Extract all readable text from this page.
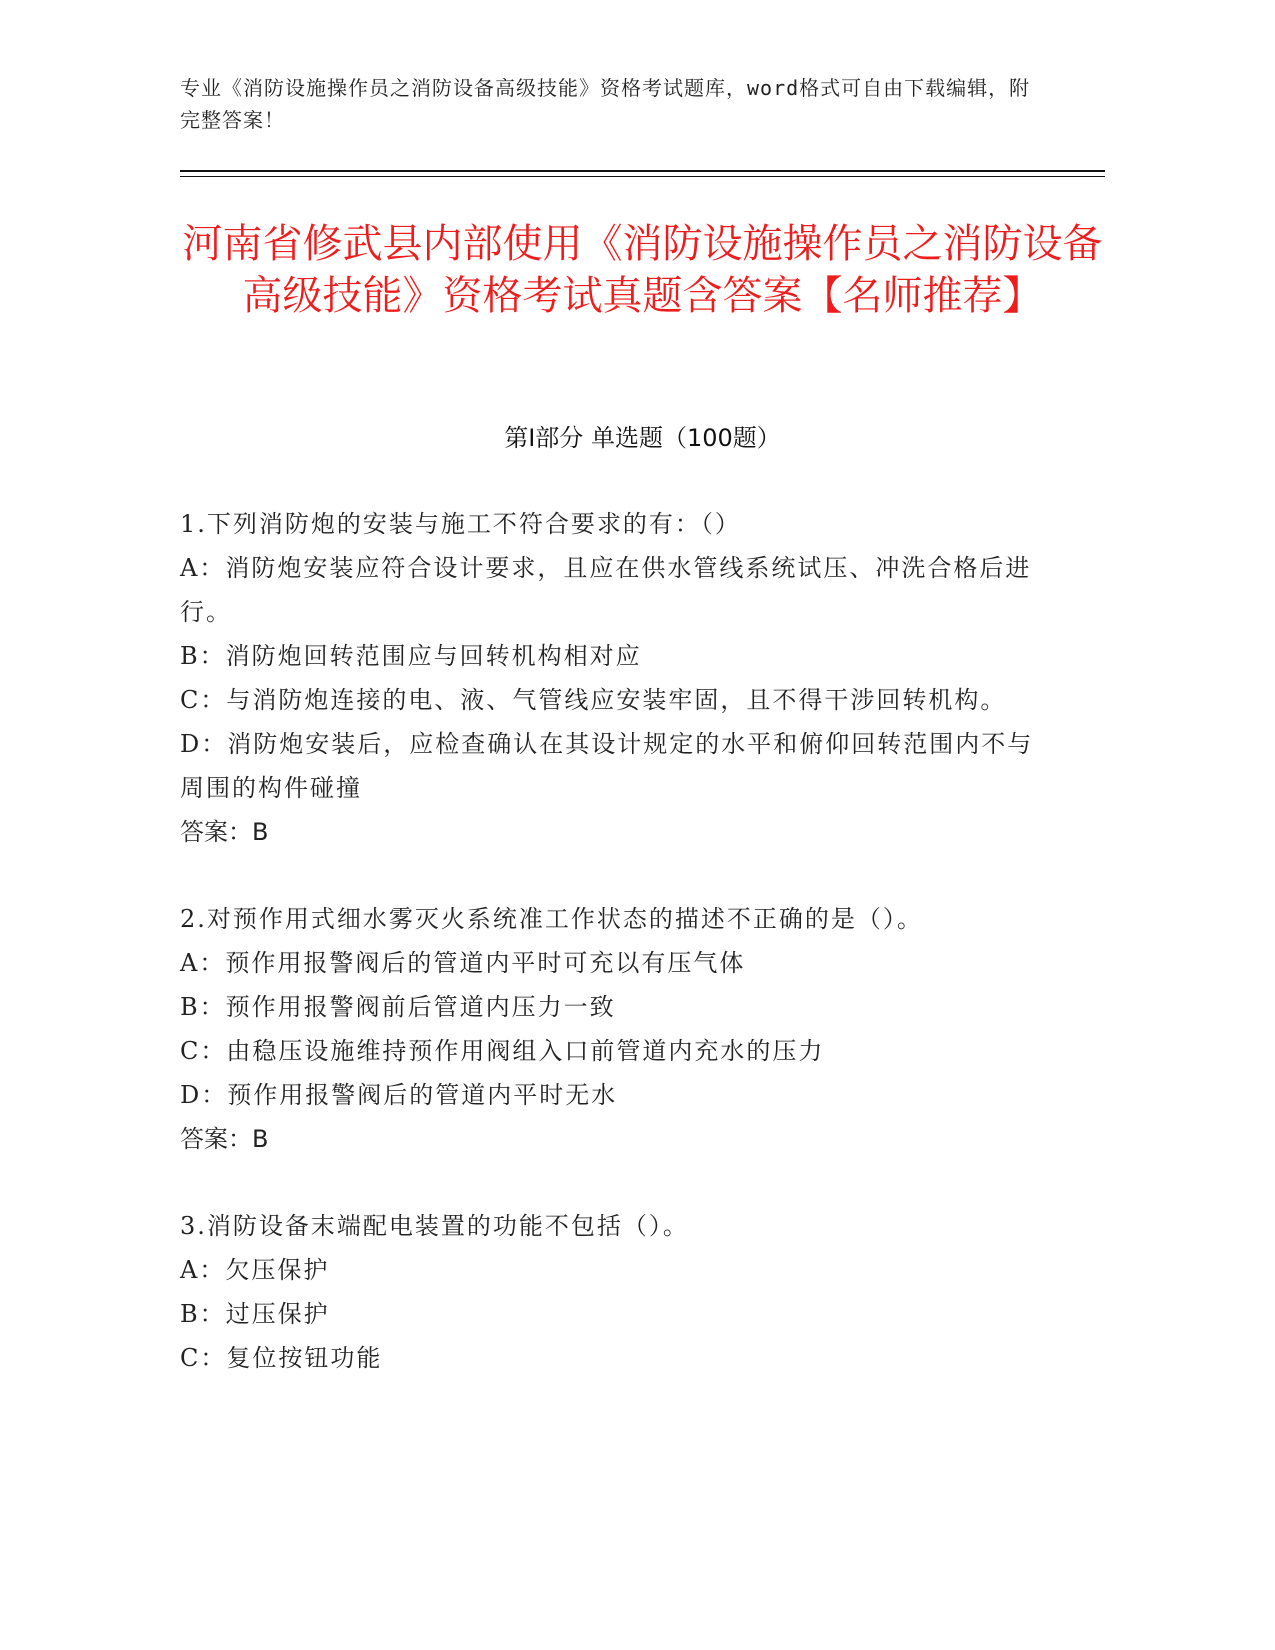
专业《消防设施操作员之消防设备高级技能》资格考试题库，word格式可自由下载编辑，附完整答案！
河南省修武县内部使用《消防设施操作员之消防设备高级技能》资格考试真题含答案【名师推荐】
第Ⅰ部分 单选题（100题）

1.下列消防炮的安装与施工不符合要求的有：（）

A：消防炮安装应符合设计要求，且应在供水管线系统试压、冲洗合格后进行。

B：消防炮回转范围应与回转机构相对应

C：与消防炮连接的电、液、气管线应安装牢固，且不得干涉回转机构。

D：消防炮安装后，应检查确认在其设计规定的水平和俯仰回转范围内不与周围的构件碰撞

答案：B

2.对预作用式细水雾灭火系统准工作状态的描述不正确的是（）。

A：预作用报警阀后的管道内平时可充以有压气体

B：预作用报警阀前后管道内压力一致

C：由稳压设施维持预作用阀组入口前管道内充水的压力

D：预作用报警阀后的管道内平时无水

答案：B

3.消防设备末端配电装置的功能不包括（）。

A：欠压保护

B：过压保护

C：复位按钮功能
